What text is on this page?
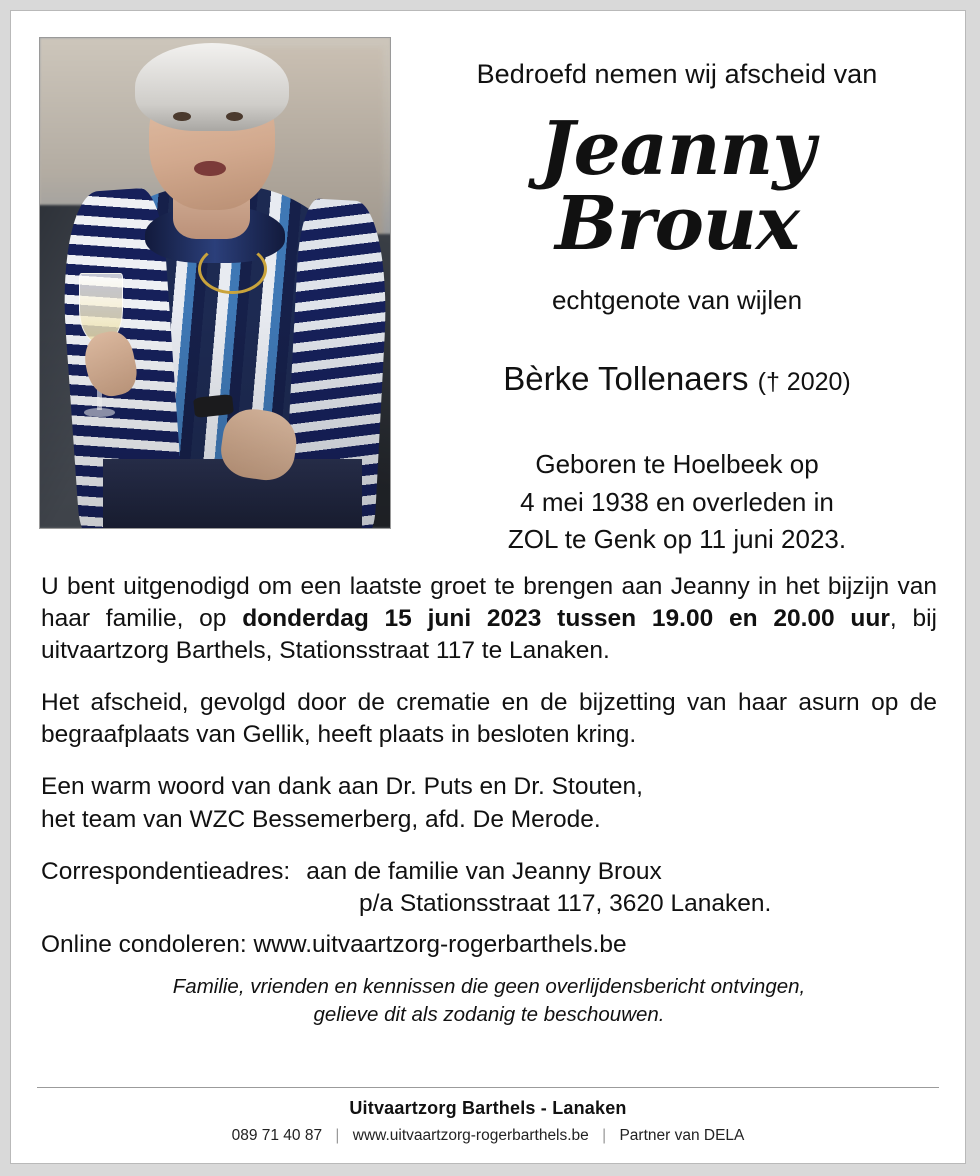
Bedroefd nemen wij afscheid van
Jeanny Broux
echtgenote van wijlen
Bèrke Tollenaers († 2020)
Geboren te Hoelbeek op
4 mei 1938 en overleden in
ZOL te Genk op 11 juni 2023.

U bent uitgenodigd om een laatste groet te brengen aan Jeanny in het bijzijn van haar familie, op donderdag 15 juni 2023 tussen 19.00 en 20.00 uur, bij uitvaartzorg Barthels, Stationsstraat 117 te Lanaken.

Het afscheid, gevolgd door de crematie en de bijzetting van haar asurn op de begraafplaats van Gellik, heeft plaats in besloten kring.

Een warm woord van dank aan Dr. Puts en Dr. Stouten,
het team van WZC Bessemerberg, afd. De Merode.

Correspondentieadres: aan de familie van Jeanny Broux
p/a Stationsstraat 117, 3620 Lanaken.
Online condoleren: www.uitvaartzorg-rogerbarthels.be

Familie, vrienden en kennissen die geen overlijdensbericht ontvingen,
gelieve dit als zodanig te beschouwen.

Uitvaartzorg Barthels - Lanaken
089 71 40 87 | www.uitvaartzorg-rogerbarthels.be | Partner van DELA
